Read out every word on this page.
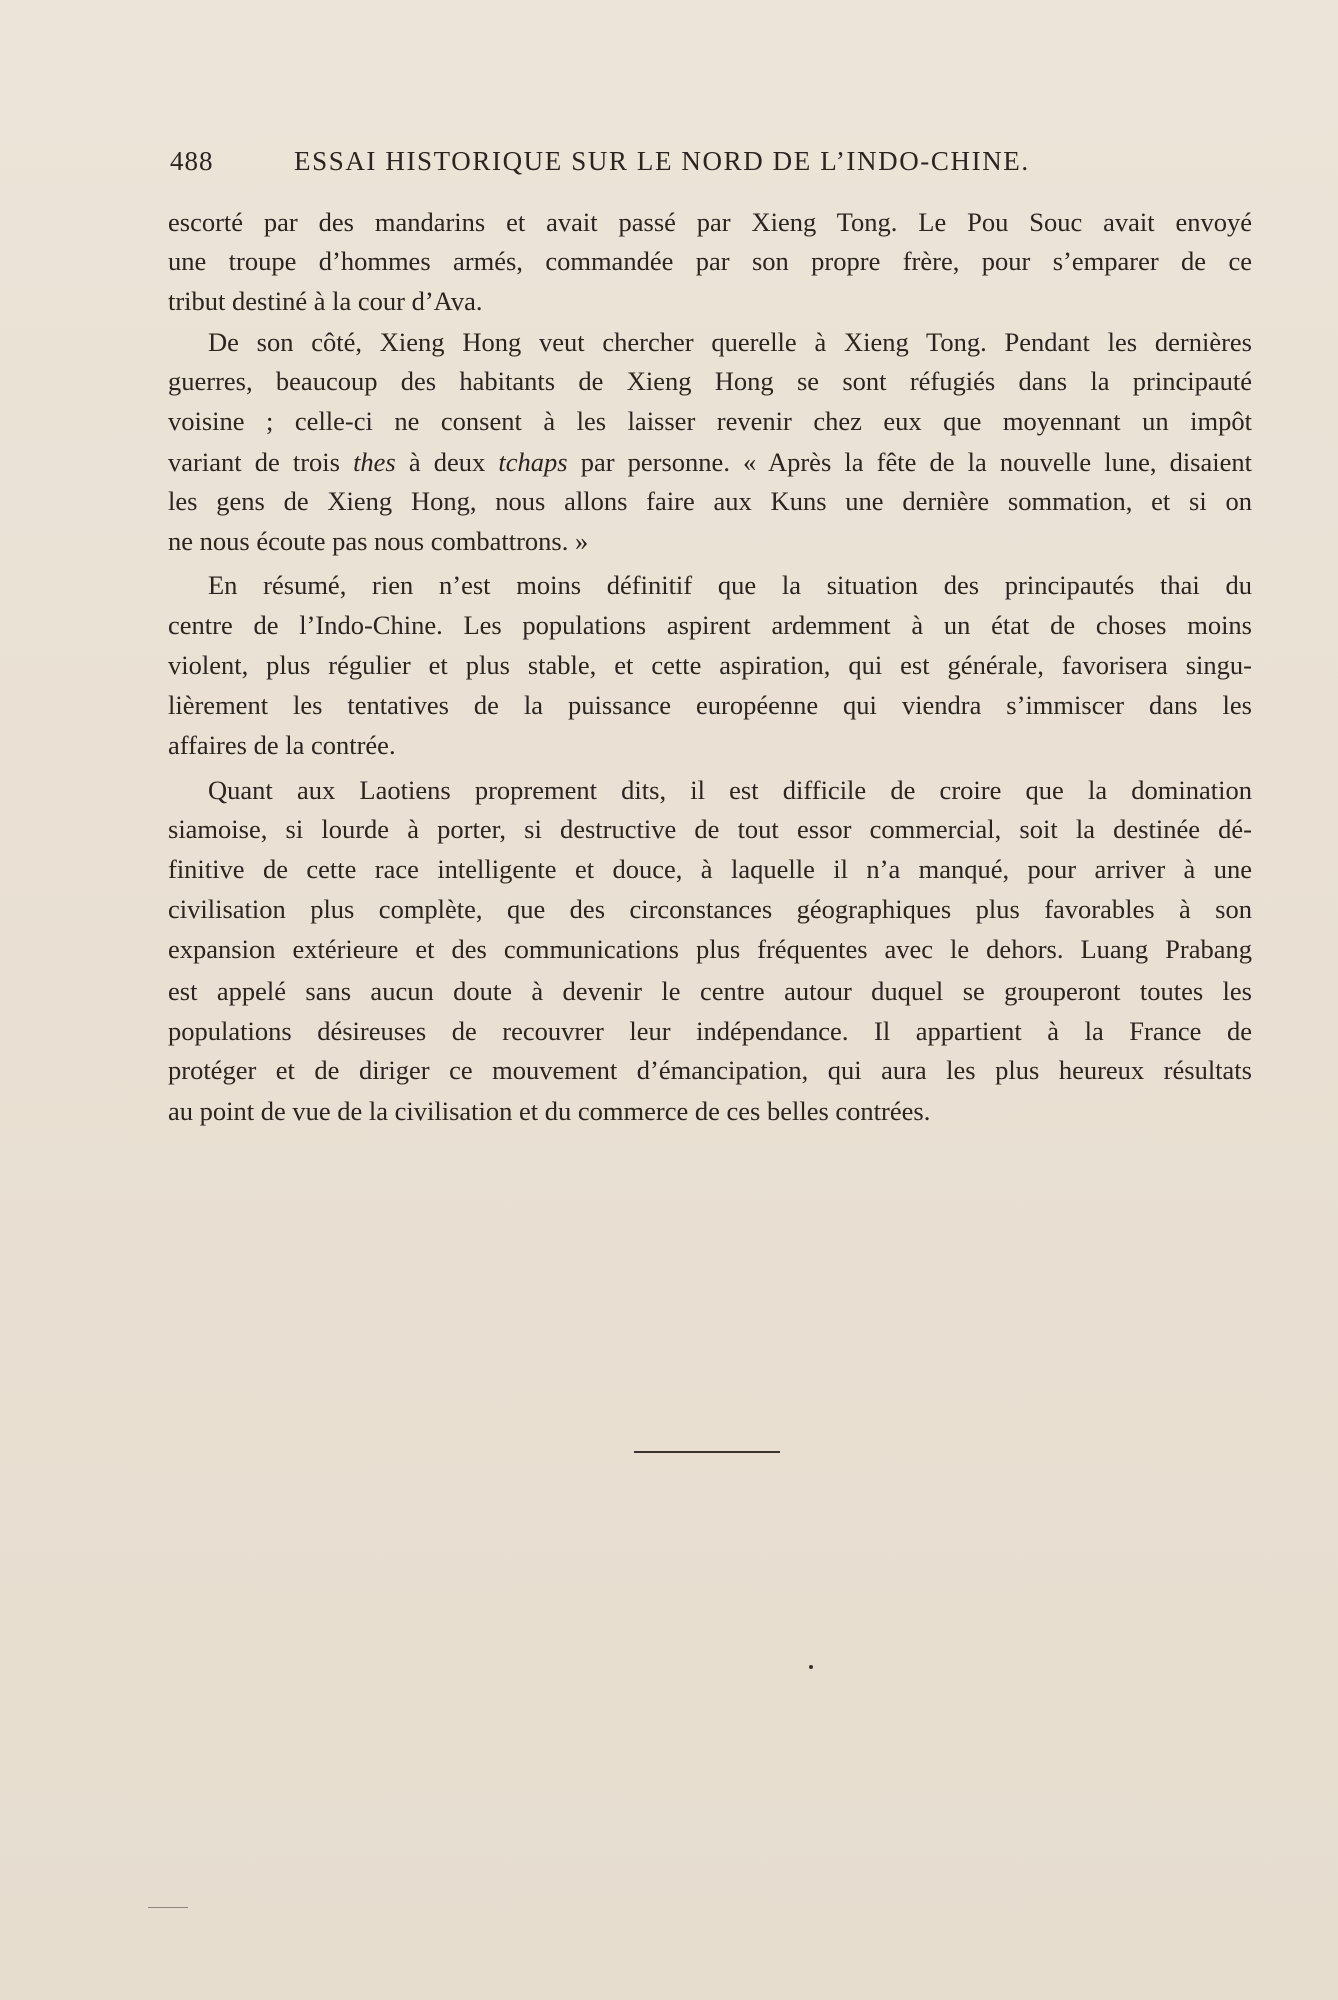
488	ESSAI HISTORIQUE SUR LE NORD DE L’INDO-CHINE.
escorté par des mandarins et avait passé par Xieng Tong. Le Pou Souc avait envoyé
une troupe d’hommes armés, commandée par son propre frère, pour s’emparer de ce
tribut destiné à la cour d’Ava.
De son côté, Xieng Hong veut chercher querelle à Xieng Tong. Pendant les dernières
guerres, beaucoup des habitants de Xieng Hong se sont réfugiés dans la principauté
voisine ; celle-ci ne consent à les laisser revenir chez eux que moyennant un impôt
variant de trois thes à deux tchaps par personne. « Après la fête de la nouvelle lune, disaient
les gens de Xieng Hong, nous allons faire aux Kuns une dernière sommation, et si on
ne nous écoute pas nous combattrons. »
En résumé, rien n’est moins définitif que la situation des principautés thai du
centre de l’Indo-Chine. Les populations aspirent ardemment à un état de choses moins
violent, plus régulier et plus stable, et cette aspiration, qui est générale, favorisera singu-
lièrement les tentatives de la puissance européenne qui viendra s’immiscer dans les
affaires de la contrée.
Quant aux Laotiens proprement dits, il est difficile de croire que la domination
siamoise, si lourde à porter, si destructive de tout essor commercial, soit la destinée dé-
finitive de cette race intelligente et douce, à laquelle il n’a manqué, pour arriver à une
civilisation plus complète, que des circonstances géographiques plus favorables à son
expansion extérieure et des communications plus fréquentes avec le dehors. Luang Prabang
est appelé sans aucun doute à devenir le centre autour duquel se grouperont toutes les
populations désireuses de recouvrer leur indépendance. Il appartient à la France de
protéger et de diriger ce mouvement d’émancipation, qui aura les plus heureux résultats
au point de vue de la civilisation et du commerce de ces belles contrées.
